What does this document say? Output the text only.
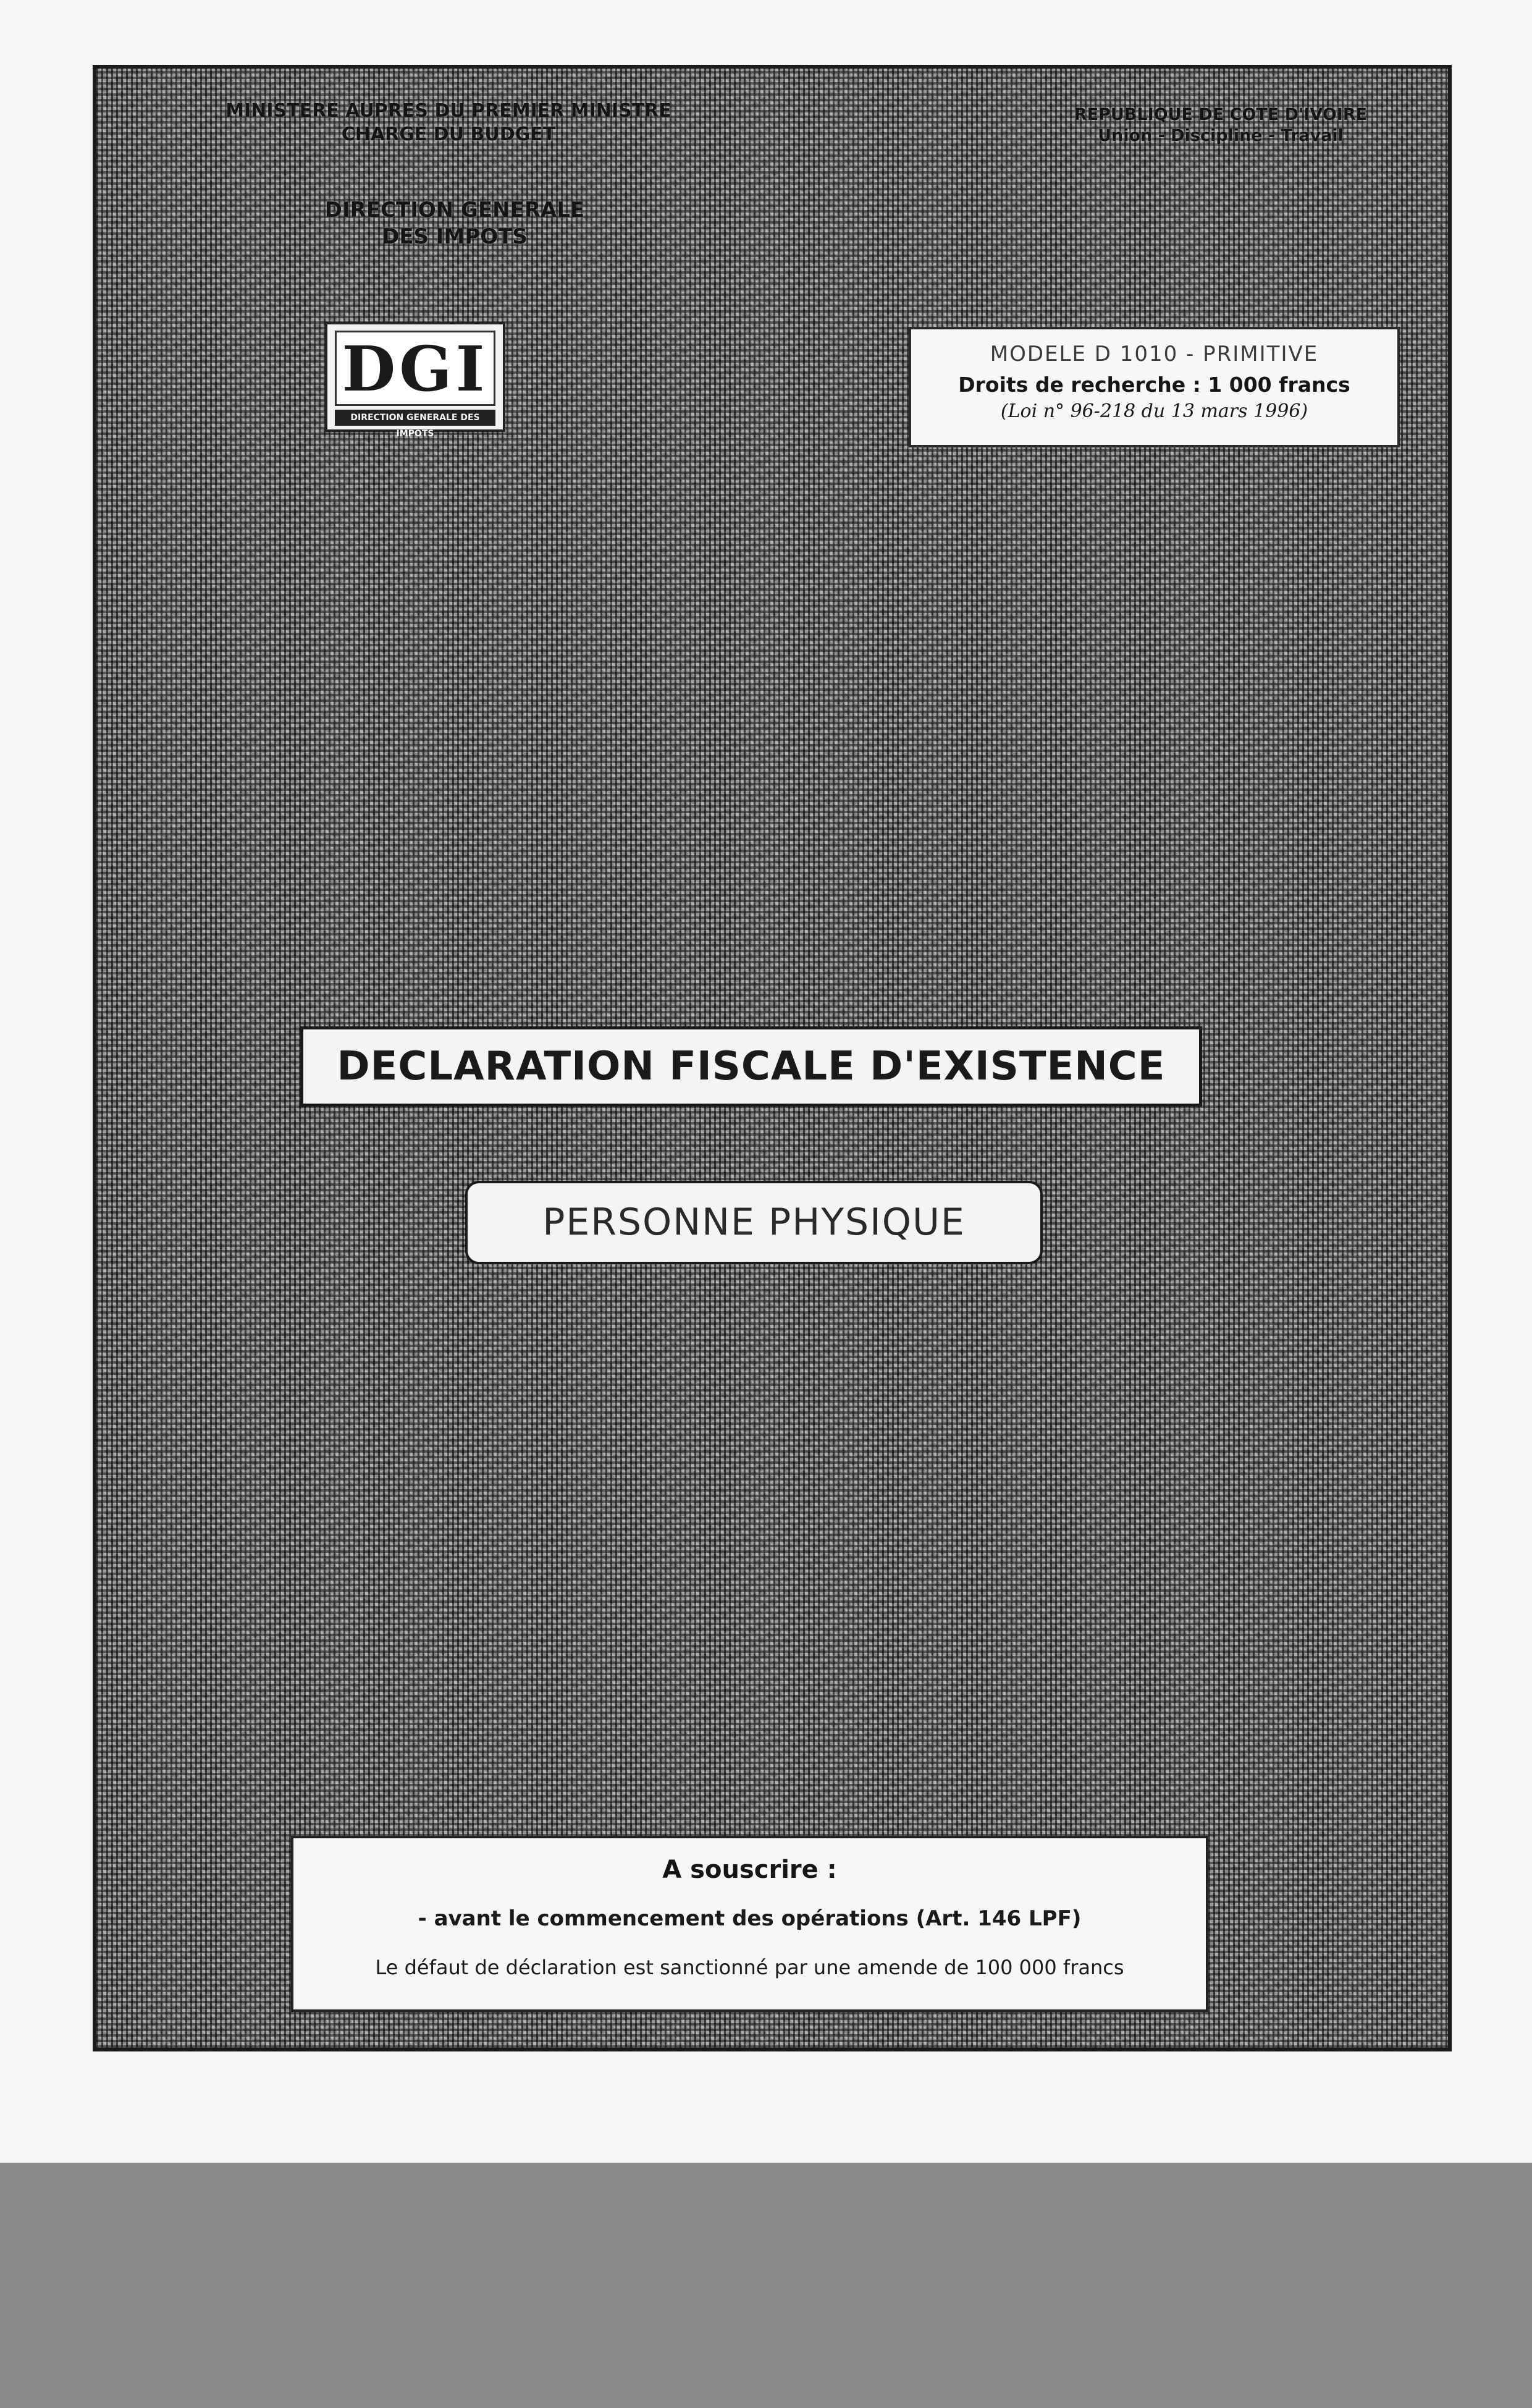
MINISTERE AUPRES DU PREMIER MINISTRE
CHARGE DU BUDGET
REPUBLIQUE DE COTE D'IVOIRE
Union - Discipline - Travail
DIRECTION GENERALE
DES IMPOTS
DGI
DIRECTION GENERALE DES IMPOTS
MODELE D 1010 - PRIMITIVE
Droits de recherche : 1 000 francs
(Loi n° 96-218 du 13 mars 1996)
DECLARATION FISCALE D'EXISTENCE
PERSONNE PHYSIQUE
A souscrire :
- avant le commencement des opérations (Art. 146 LPF)
Le défaut de déclaration est sanctionné par une amende de 100 000 francs
